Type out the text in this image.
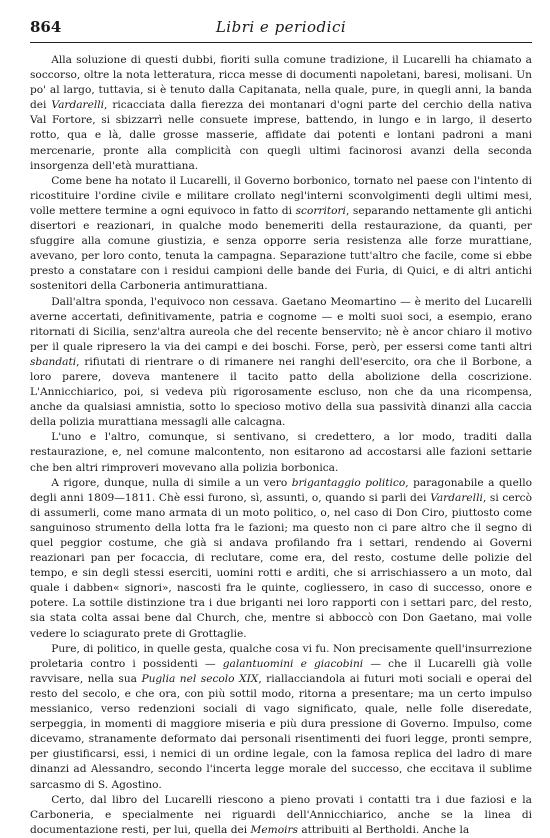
864	Libri e periodici

Alla soluzione di questi dubbi, fioriti sulla comune tradizione, il Lucarelli ha chiamato a soccorso, oltre la nota letteratura, ricca messe di documenti napoletani, baresi, molisani. Un po' al largo, tuttavia, si è tenuto dalla Capitanata, nella quale, pure, in quegli anni, la banda dei Vardarelli, ricacciata dalla fierezza dei montanari d'ogni parte del cerchio della nativa Val Fortore, si sbizzarrì nelle consuete imprese, battendo, in lungo e in largo, il deserto rotto, qua e là, dalle grosse masserie, affidate dai potenti e lontani padroni a mani mercenarie, pronte alla complicità con quegli ultimi facinorosi avanzi della seconda insorgenza dell'età murattiana.

Come bene ha notato il Lucarelli, il Governo borbonico, tornato nel paese con l'intento di ricostituire l'ordine civile e militare crollato negl'interni sconvolgimenti degli ultimi mesi, volle mettere termine a ogni equivoco in fatto di scorritori, separando nettamente gli antichi disertori e reazionari, in qualche modo benemeriti della restaurazione, da quanti, per sfuggire alla comune giustizia, e senza opporre seria resistenza alle forze murattiane, avevano, per loro conto, tenuta la campagna. Separazione tutt'altro che facile, come si ebbe presto a constatare con i residui campioni delle bande dei Furia, di Quici, e di altri antichi sostenitori della Carboneria antimurattiana.

Dall'altra sponda, l'equivoco non cessava. Gaetano Meomartino — è merito del Lucarelli averne accertati, definitivamente, patria e cognome — e molti suoi soci, a esempio, erano ritornati di Sicilia, senz'altra aureola che del recente benservito; nè è ancor chiaro il motivo per il quale ripresero la via dei campi e dei boschi. Forse, però, per essersi come tanti altri sbandati, rifiutati di rientrare o di rimanere nei ranghi dell'esercito, ora che il Borbone, a loro parere, doveva mantenere il tacito patto della abolizione della coscrizione. L'Annicchiarico, poi, si vedeva più rigorosamente escluso, non che da una ricompensa, anche da qualsiasi amnistia, sotto lo specioso motivo della sua passività dinanzi alla caccia della polizia murattiana messagli alle calcagna.

L'uno e l'altro, comunque, si sentivano, si credettero, a lor modo, traditi dalla restaurazione, e, nel comune malcontento, non esitarono ad accostarsi alle fazioni settarie che ben altri rimproveri movevano alla polizia borbonica.

A rigore, dunque, nulla di simile a un vero brigantaggio politico, paragonabile a quello degli anni 1809—1811. Chè essi furono, sì, assunti, o, quando si parli dei Vardarelli, si cercò di assumerli, come mano armata di un moto politico, o, nel caso di Don Ciro, piuttosto come sanguinoso strumento della lotta fra le fazioni; ma questo non ci pare altro che il segno di quel peggior costume, che già si andava profilando fra i settari, rendendo ai Governi reazionari pan per focaccia, di reclutare, come era, del resto, costume delle polizie del tempo, e sin degli stessi eserciti, uomini rotti e arditi, che si arrischiassero a un moto, dal quale i dabben« signori», nascosti fra le quinte, cogliessero, in caso di successo, onore e potere. La sottile distinzione tra i due briganti nei loro rapporti con i settari parc, del resto, sia stata colta assai bene dal Church, che, mentre si abboccò con Don Gaetano, mai volle vedere lo sciagurato prete di Grottaglie.

Pure, di politico, in quelle gesta, qualche cosa vi fu. Non precisamente quell'insurrezione proletaria contro i possidenti — galantuomini e giacobini — che il Lucarelli già volle ravvisare, nella sua Puglia nel secolo XIX, riallacciandola ai futuri moti sociali e operai del resto del secolo, e che ora, con più sottil modo, ritorna a presentare; ma un certo impulso messianico, verso redenzioni sociali di vago significato, quale, nelle folle diseredate, serpeggia, in momenti di maggiore miseria e più dura pressione di Governo. Impulso, come dicevamo, stranamente deformato dai personali risentimenti dei fuori legge, pronti sempre, per giustificarsi, essi, i nemici di un ordine legale, con la famosa replica del ladro di mare dinanzi ad Alessandro, secondo l'incerta legge morale del successo, che eccitava il sublime sarcasmo di S. Agostino.

Certo, dal libro del Lucarelli riescono a pieno provati i contatti tra i due faziosi e la Carboneria, e specialmente nei riguardi dell'Annicchiarico, anche se la linea di documentazione resti, per lui, quella dei Memoirs attribuiti al Bertholdi. Anche la
